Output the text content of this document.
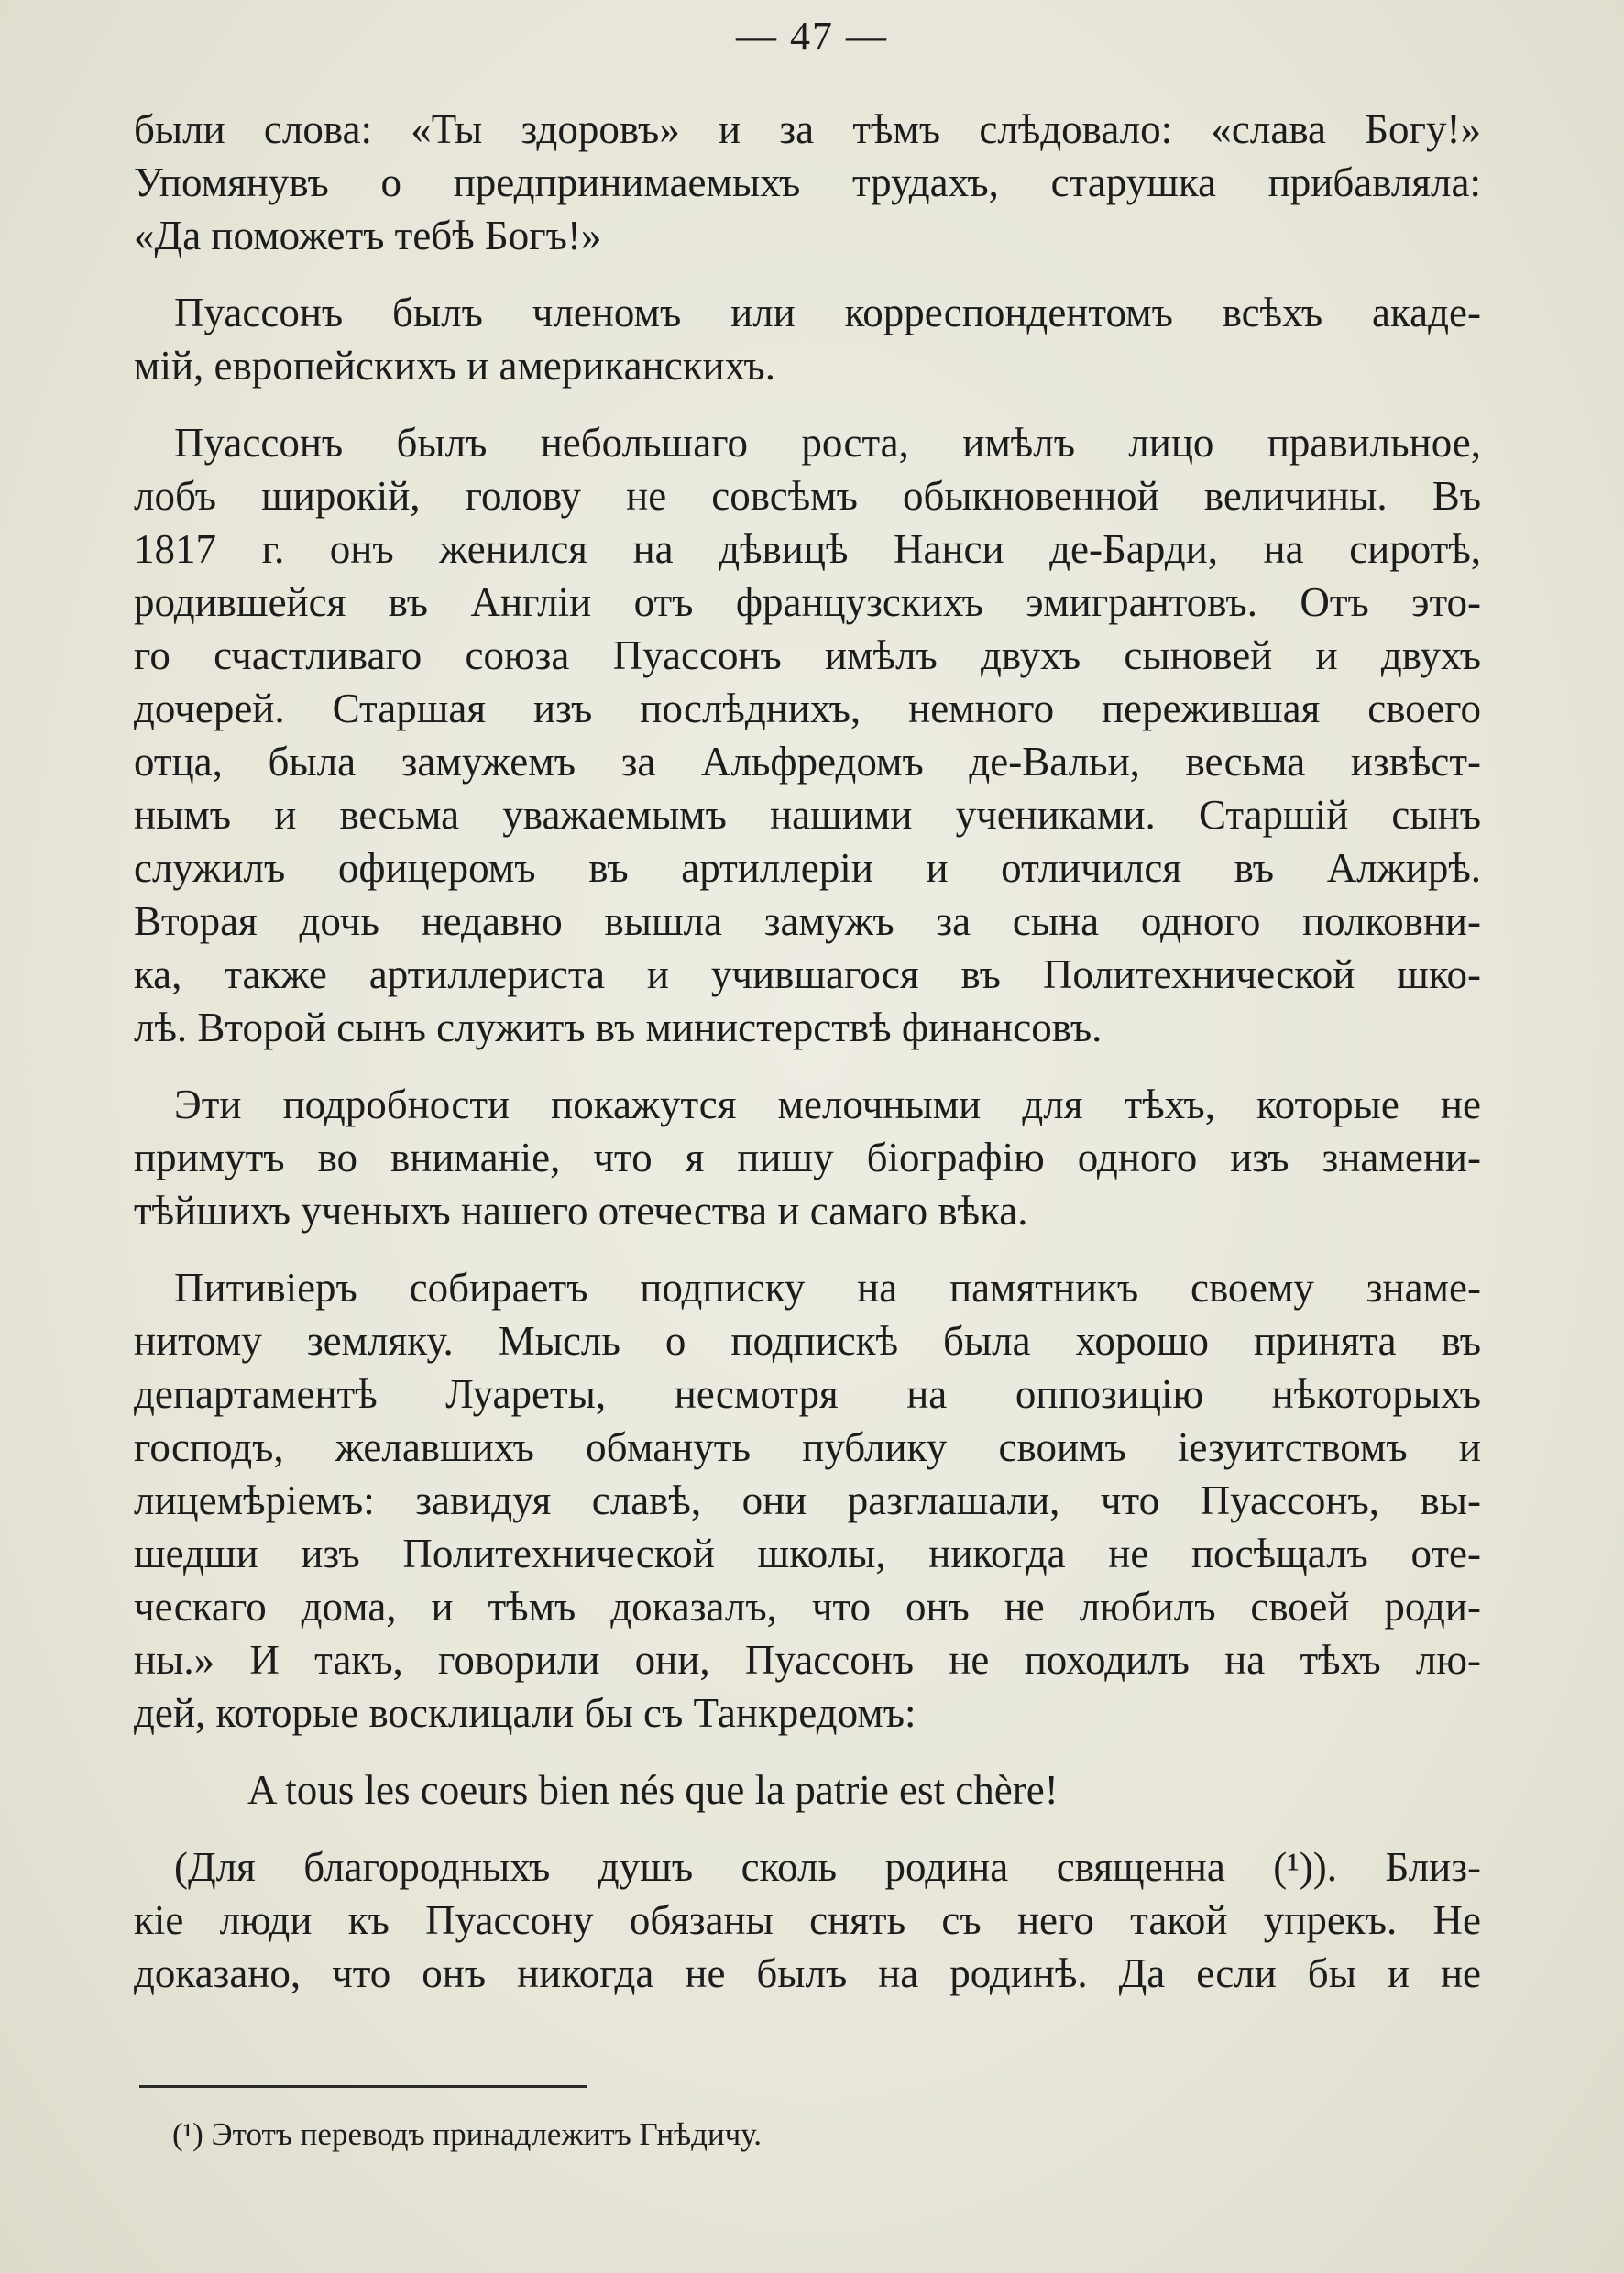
— 47 —
были слова: «Ты здоровъ» и за тѣмъ слѣдовало: «слава Богу!»
Упомянувъ о предпринимаемыхъ трудахъ, старушка прибавляла:
«Да поможетъ тебѣ Богъ!»
Пуассонъ былъ членомъ или корреспондентомъ всѣхъ акаде-
мій, европейскихъ и американскихъ.
Пуассонъ былъ небольшаго роста, имѣлъ лицо правильное,
лобъ широкій, голову не совсѣмъ обыкновенной величины. Въ
1817 г. онъ женился на дѣвицѣ Нанси де-Барди, на сиротѣ,
родившейся въ Англіи отъ французскихъ эмигрантовъ. Отъ это-
го счастливаго союза Пуассонъ имѣлъ двухъ сыновей и двухъ
дочерей. Старшая изъ послѣднихъ, немного пережившая своего
отца, была замужемъ за Альфредомъ де-Вальи, весьма извѣст-
нымъ и весьма уважаемымъ нашими учениками. Старшій сынъ
служилъ офицеромъ въ артиллеріи и отличился въ Алжирѣ.
Вторая дочь недавно вышла замужъ за сына одного полковни-
ка, также артиллериста и учившагося въ Политехнической шко-
лѣ. Второй сынъ служитъ въ министерствѣ финансовъ.
Эти подробности покажутся мелочными для тѣхъ, которые не
примутъ во вниманіе, что я пишу біографію одного изъ знамени-
тѣйшихъ ученыхъ нашего отечества и самаго вѣка.
Питивіеръ собираетъ подписку на памятникъ своему знаме-
нитому земляку. Мысль о подпискѣ была хорошо принята въ
департаментѣ Луареты, несмотря на оппозицію нѣкоторыхъ
господъ, желавшихъ обмануть публику своимъ іезуитствомъ и
лицемѣріемъ: завидуя славѣ, они разглашали, что Пуассонъ, вы-
шедши изъ Политехнической школы, никогда не посѣщалъ оте-
ческаго дома, и тѣмъ доказалъ, что онъ не любилъ своей роди-
ны.» И такъ, говорили они, Пуассонъ не походилъ на тѣхъ лю-
дей, которые восклицали бы съ Танкредомъ:
A tous les coeurs bien nés que la patrie est chère!
(Для благородныхъ душъ сколь родина священна (¹)). Близ-
кіе люди къ Пуассону обязаны снять съ него такой упрекъ. Не
доказано, что онъ никогда не былъ на родинѣ. Да если бы и не
(¹) Этотъ переводъ принадлежитъ Гнѣдичу.
